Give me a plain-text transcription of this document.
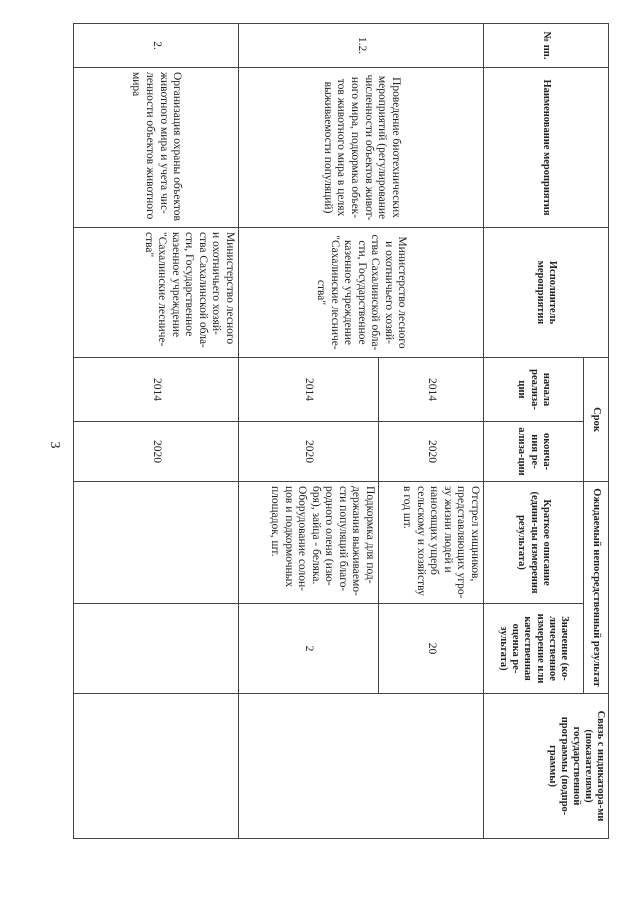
3
№ пп.	Наименование мероприятия	Исполнитель мероприятия	Срок		Ожидаемый непосредственный результат		Связь с индикатора-ми (показателями) государственной программы (подпро-граммы)
			начала реализа-ции	оконча-ния ре-ализа-ции	Краткое описание (едини-цы измерения результата)	Значение (ко-личественное измерение или качественная оценка ре-зультата)	
1.2.	Проведение биотехнических мероприятий (регулирование численности объектов живот-ного мира, подкормка объек-тов животного мира в целях выживаемости популяций)	Министерство лесного и охотничьего хозяй-ства Сахалинской обла-сти, Государственное казенное учреждение "Сахалинские лесниче-ства"	2014	2020	Отстрел хищников, представляющих угро-зу жизни людей и наносящих ущерб сельскому и хозяйству в год шт.	20	
			2014	2020	Подкормка для под-держания выживаемо-сти популяций благо-родного оленя (изю-бря), зайца - беляка. Оборудование солон-цов и подкормочных площадок, шт.	2	
2.	Организация охраны объектов животного мира и учета чис-ленности объектов животного мира	Министерство лесного и охотничьего хозяй-ства Сахалинской обла-сти, Государственное казенное учреждение "Сахалинские лесниче-ства"	2014	2020			
